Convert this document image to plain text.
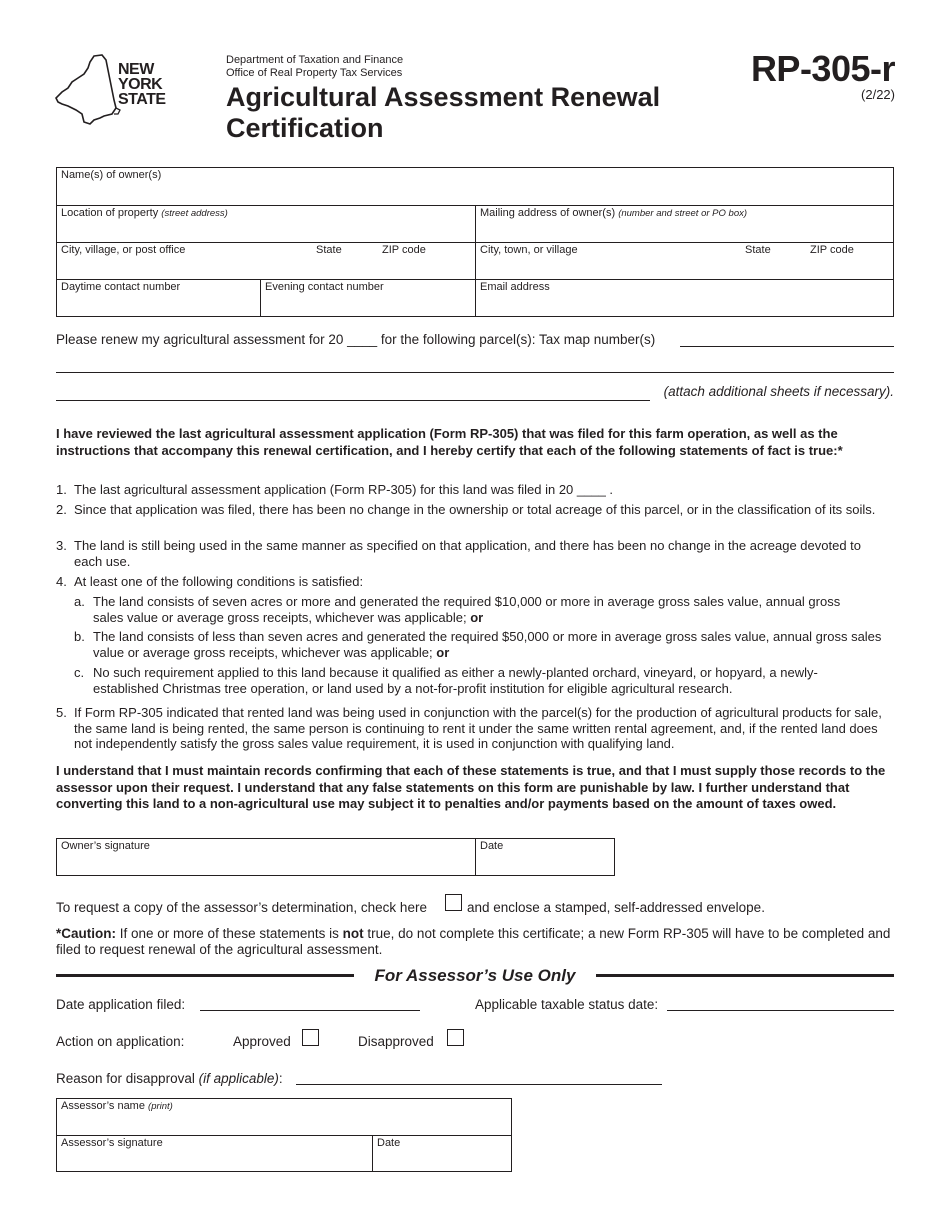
NEW
YORK
STATE
Department of Taxation and Finance
Office of Real Property Tax Services
Agricultural Assessment Renewal Certification
RP-305-r
(2/22)
Name(s) of owner(s)
Location of property (street address)	Mailing address of owner(s) (number and street or PO box)
City, village, or post office	State	ZIP code	City, town, or village	State	ZIP code
Daytime contact number	Evening contact number	Email address
Please renew my agricultural assessment for 20 ____ for the following parcel(s): Tax map number(s)
(attach additional sheets if necessary).
I have reviewed the last agricultural assessment application (Form RP-305) that was filed for this farm operation, as well as the instructions that accompany this renewal certification, and I hereby certify that each of the following statements of fact is true:*
1. The last agricultural assessment application (Form RP-305) for this land was filed in 20 ____ .
2. Since that application was filed, there has been no change in the ownership or total acreage of this parcel, or in the classification of its soils.
3. The land is still being used in the same manner as specified on that application, and there has been no change in the acreage devoted to each use.
4. At least one of the following conditions is satisfied:
a. The land consists of seven acres or more and generated the required $10,000 or more in average gross sales value, annual gross sales value or average gross receipts, whichever was applicable; or
b. The land consists of less than seven acres and generated the required $50,000 or more in average gross sales value, annual gross sales value or average gross receipts, whichever was applicable; or
c. No such requirement applied to this land because it qualified as either a newly-planted orchard, vineyard, or hopyard, a newly-established Christmas tree operation, or land used by a not-for-profit institution for eligible agricultural research.
5. If Form RP-305 indicated that rented land was being used in conjunction with the parcel(s) for the production of agricultural products for sale, the same land is being rented, the same person is continuing to rent it under the same written rental agreement, and, if the rented land does not independently satisfy the gross sales value requirement, it is used in conjunction with qualifying land.
I understand that I must maintain records confirming that each of these statements is true, and that I must supply those records to the assessor upon their request. I understand that any false statements on this form are punishable by law. I further understand that converting this land to a non-agricultural use may subject it to penalties and/or payments based on the amount of taxes owed.
Owner’s signature	Date
To request a copy of the assessor’s determination, check here	and enclose a stamped, self-addressed envelope.
*Caution: If one or more of these statements is not true, do not complete this certificate; a new Form RP-305 will have to be completed and filed to request renewal of the agricultural assessment.
For Assessor’s Use Only
Date application filed:	Applicable taxable status date:
Action on application:	Approved	Disapproved
Reason for disapproval (if applicable):
Assessor’s name (print)
Assessor’s signature	Date
